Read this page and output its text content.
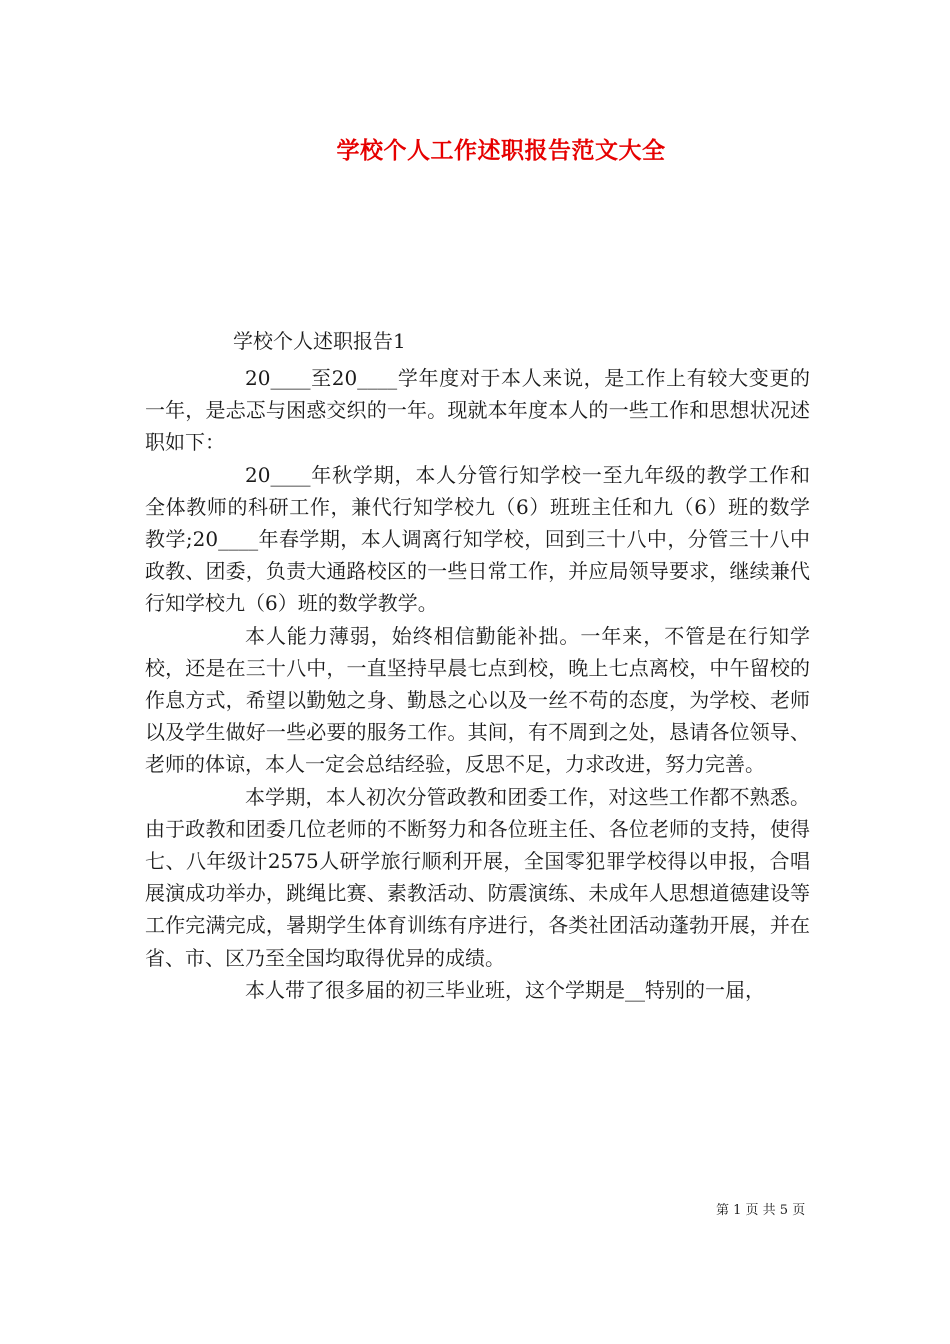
学校个人工作述职报告范文大全
学校个人述职报告1

20____至20____学年度对于本人来说，是工作上有较大变更的一年，是忐忑与困惑交织的一年。现就本年度本人的一些工作和思想状况述职如下：

20____年秋学期，本人分管行知学校一至九年级的教学工作和全体教师的科研工作，兼代行知学校九（6）班班主任和九（6）班的数学教学;20____年春学期，本人调离行知学校，回到三十八中，分管三十八中政教、团委，负责大通路校区的一些日常工作，并应局领导要求，继续兼代行知学校九（6）班的数学教学。

本人能力薄弱，始终相信勤能补拙。一年来，不管是在行知学校，还是在三十八中，一直坚持早晨七点到校，晚上七点离校，中午留校的作息方式，希望以勤勉之身、勤恳之心以及一丝不苟的态度，为学校、老师以及学生做好一些必要的服务工作。其间，有不周到之处，恳请各位领导、老师的体谅，本人一定会总结经验，反思不足，力求改进，努力完善。

本学期，本人初次分管政教和团委工作，对这些工作都不熟悉。由于政教和团委几位老师的不断努力和各位班主任、各位老师的支持，使得七、八年级计2575人研学旅行顺利开展，全国零犯罪学校得以申报，合唱展演成功举办，跳绳比赛、素教活动、防震演练、未成年人思想道德建设等工作完满完成，暑期学生体育训练有序进行，各类社团活动蓬勃开展，并在省、市、区乃至全国均取得优异的成绩。

本人带了很多届的初三毕业班，这个学期是__特别的一届，

第 1 页 共 5 页
